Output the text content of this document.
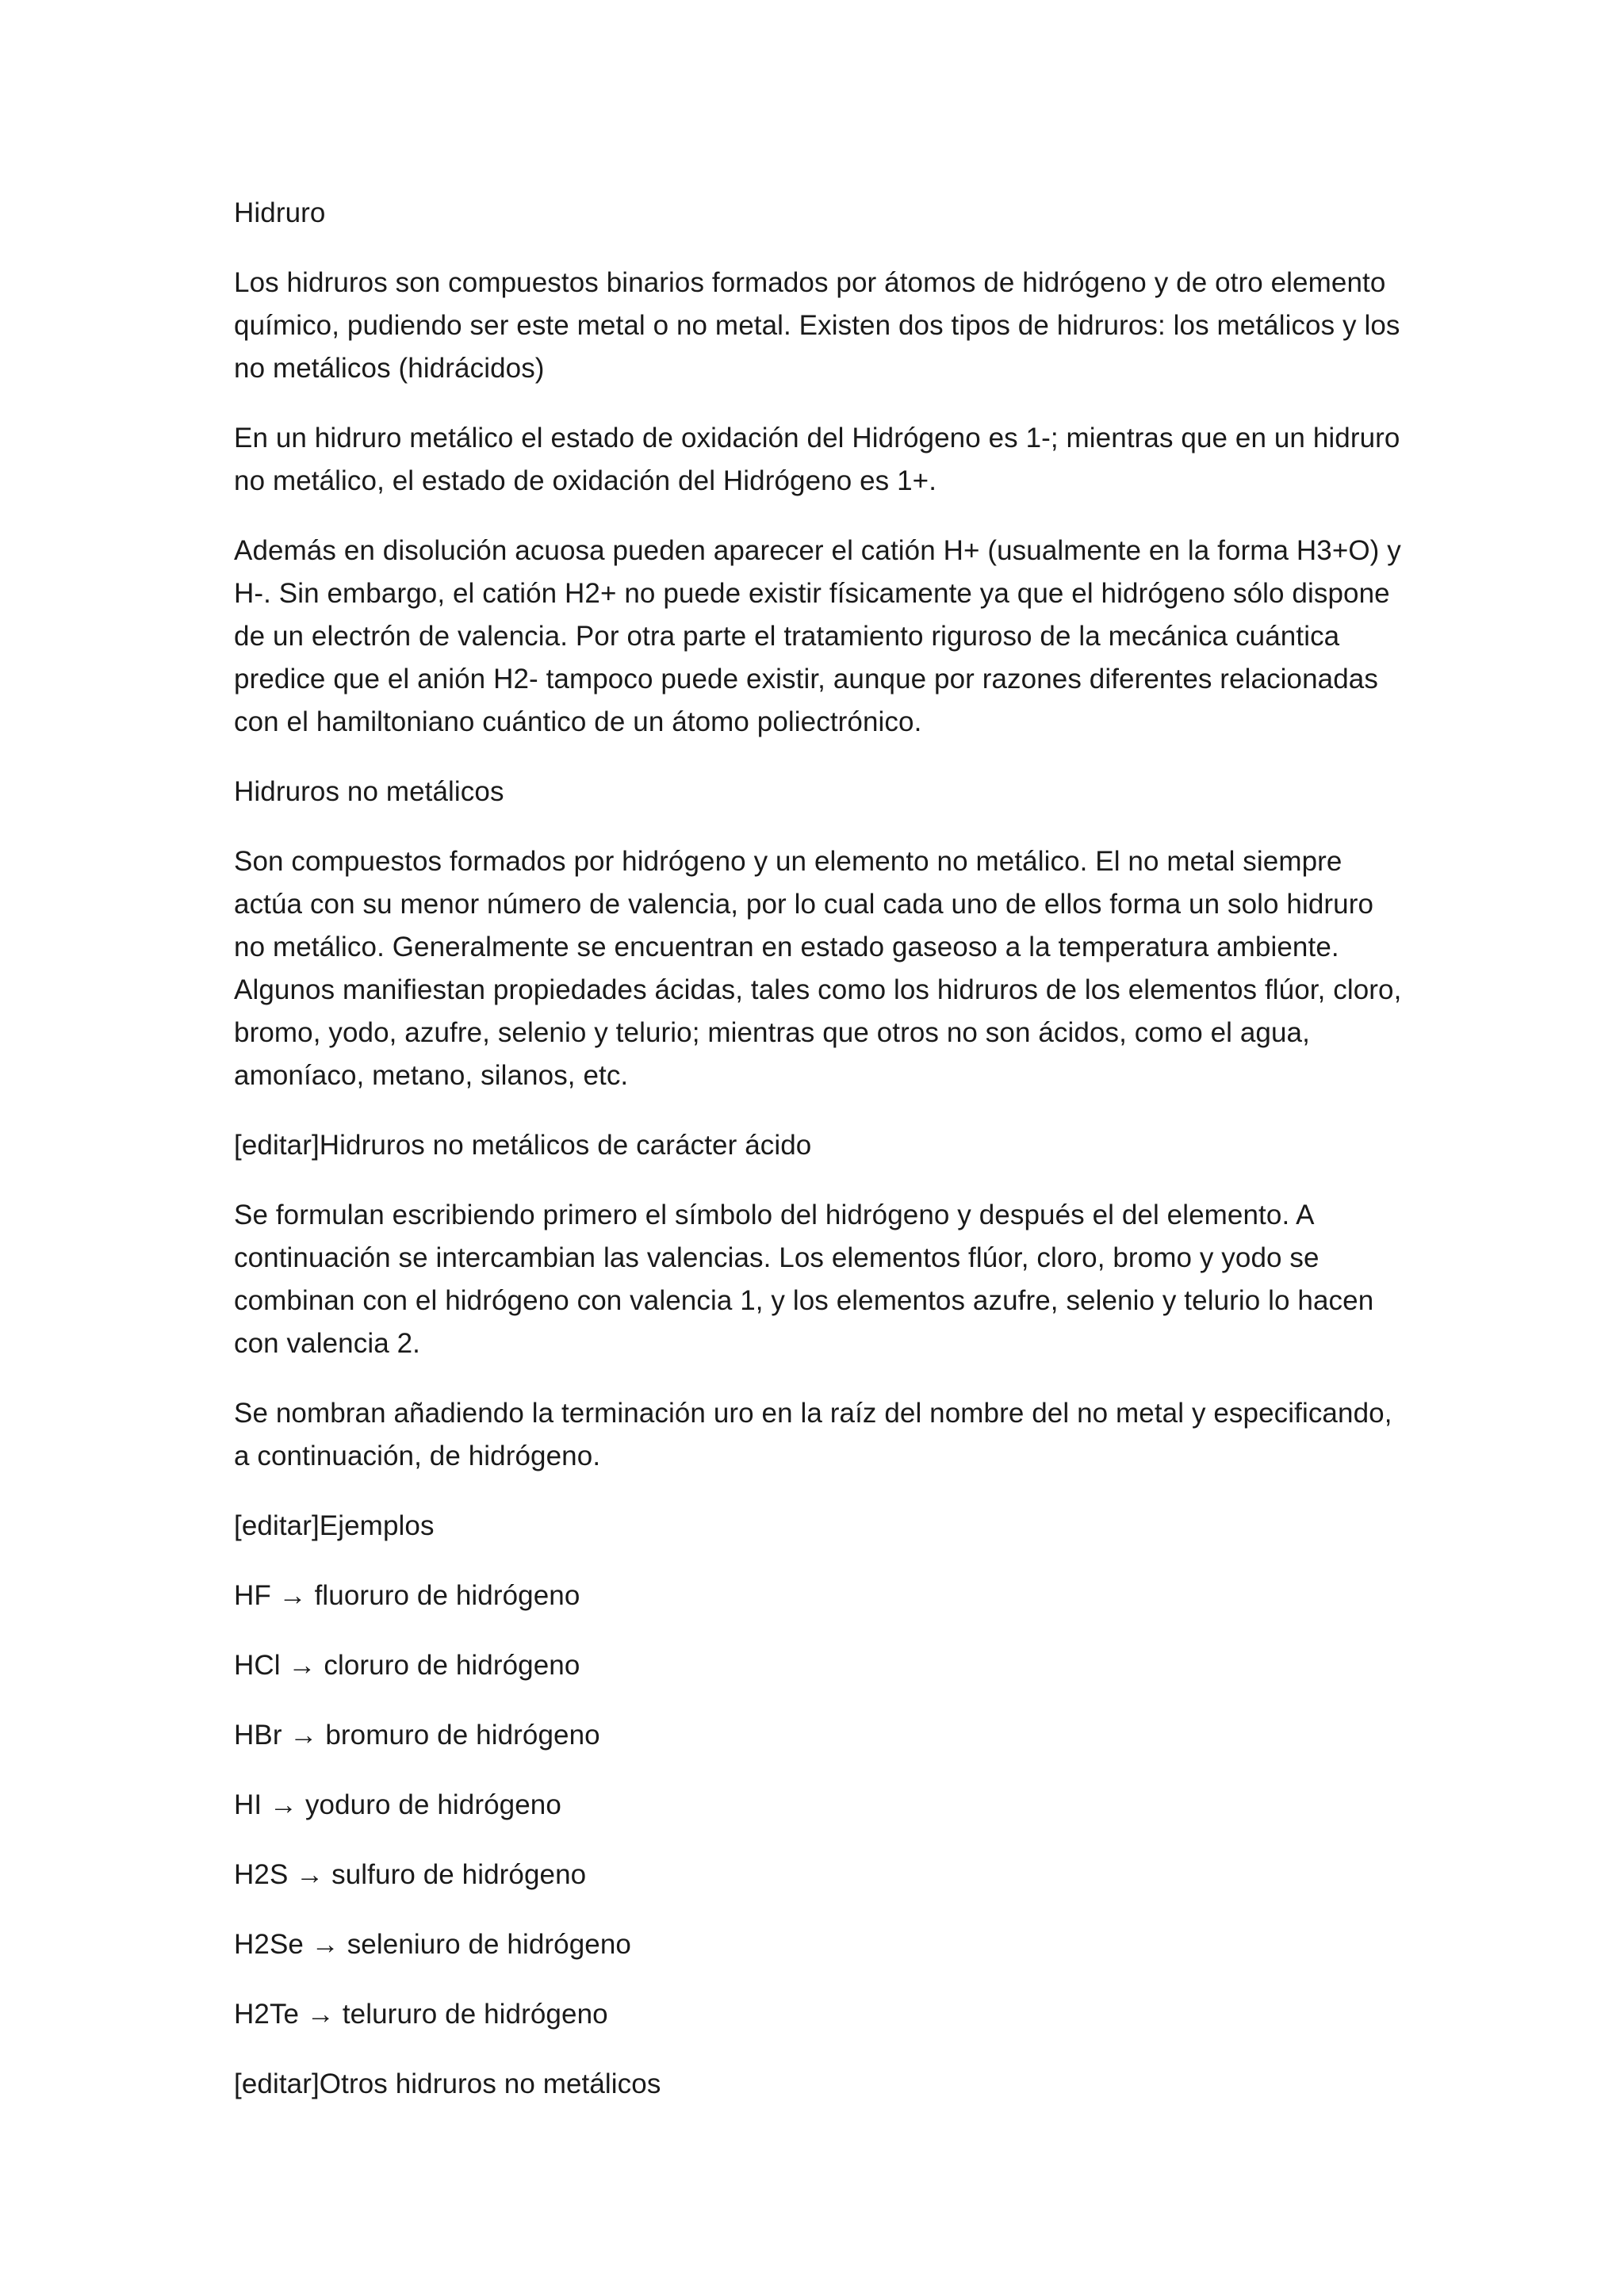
Hidruro

Los hidruros son compuestos binarios formados por átomos de hidrógeno y de otro elemento químico, pudiendo ser este metal o no metal. Existen dos tipos de hidruros: los metálicos y los no metálicos (hidrácidos)

En un hidruro metálico el estado de oxidación del Hidrógeno es 1-; mientras que en un hidruro no metálico, el estado de oxidación del Hidrógeno es 1+.

Además en disolución acuosa pueden aparecer el catión H+ (usualmente en la forma H3+O) y H-. Sin embargo, el catión H2+ no puede existir físicamente ya que el hidrógeno sólo dispone de un electrón de valencia. Por otra parte el tratamiento riguroso de la mecánica cuántica predice que el anión H2- tampoco puede existir, aunque por razones diferentes relacionadas con el hamiltoniano cuántico de un átomo poliectrónico.

Hidruros no metálicos

Son compuestos formados por hidrógeno y un elemento no metálico. El no metal siempre actúa con su menor número de valencia, por lo cual cada uno de ellos forma un solo hidruro no metálico. Generalmente se encuentran en estado gaseoso a la temperatura ambiente. Algunos manifiestan propiedades ácidas, tales como los hidruros de los elementos flúor, cloro, bromo, yodo, azufre, selenio y telurio; mientras que otros no son ácidos, como el agua, amoníaco, metano, silanos, etc.

[editar]Hidruros no metálicos de carácter ácido

Se formulan escribiendo primero el símbolo del hidrógeno y después el del elemento. A continuación se intercambian las valencias. Los elementos flúor, cloro, bromo y yodo se combinan con el hidrógeno con valencia 1, y los elementos azufre, selenio y telurio lo hacen con valencia 2.

Se nombran añadiendo la terminación uro en la raíz del nombre del no metal y especificando, a continuación, de hidrógeno.

[editar]Ejemplos

HF → fluoruro de hidrógeno

HCl → cloruro de hidrógeno

HBr → bromuro de hidrógeno

HI → yoduro de hidrógeno

H2S → sulfuro de hidrógeno

H2Se → seleniuro de hidrógeno

H2Te → telururo de hidrógeno

[editar]Otros hidruros no metálicos
